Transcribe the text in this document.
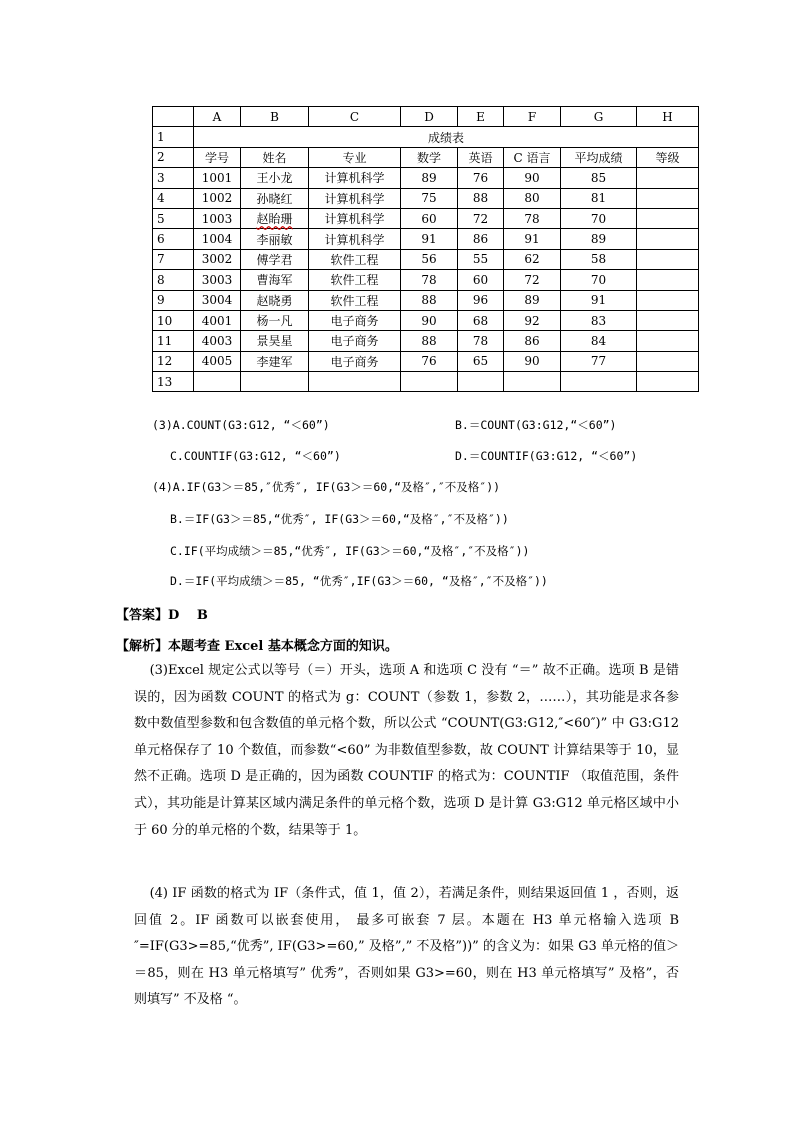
	A	B	C	D	E	F	G	H
1	成绩表							
2	学号	姓名	专业	数学	英语	C 语言	平均成绩	等级
3	1001	王小龙	计算机科学	89	76	90	85	
4	1002	孙晓红	计算机科学	75	88	80	81	
5	1003	赵眙珊	计算机科学	60	72	78	70	
6	1004	李丽敏	计算机科学	91	86	91	89	
7	3002	傅学君	软件工程	56	55	62	58	
8	3003	曹海军	软件工程	78	60	72	70	
9	3004	赵晓勇	软件工程	88	96	89	91	
10	4001	杨一凡	电子商务	90	68	92	83	
11	4003	景昊星	电子商务	88	78	86	84	
12	4005	李建军	电子商务	76	65	90	77	
13								
(3)A.COUNT(G3:G12, “＜60”)	B.＝COUNT(G3:G12,“＜60”)
C.COUNTIF(G3:G12, “＜60”)	D.＝COUNTIF(G3:G12, “＜60”)
(4)A.IF(G3＞＝85,″优秀″, IF(G3＞＝60,“及格″,″不及格″))
B.＝IF(G3＞＝85,“优秀″, IF(G3＞＝60,“及格″,″不及格″))
C.IF(平均成绩＞＝85,“优秀″, IF(G3＞＝60,“及格″,″不及格″))
D.＝IF(平均成绩＞＝85, “优秀″,IF(G3＞＝60, “及格″,″不及格″))
【答案】D　 B
【解析】本题考查 Excel 基本概念方面的知识。

(3)Excel 规定公式以等号（＝）开头，选项 A 和选项 C 没有 “＝” 故不正确。选项 B 是错误的，因为函数 COUNT 的格式为 g：COUNT（参数 1，参数 2，……），其功能是求各参数中数值型参数和包含数值的单元格个数，所以公式 “COUNT(G3:G12,″<60″)” 中 G3:G12 单元格保存了 10 个数值，而参数“<60” 为非数值型参数，故 COUNT 计算结果等于 10，显然不正确。选项 D 是正确的，因为函数 COUNTIF 的格式为：COUNTIF （取值范围，条件式），其功能是计算某区域内满足条件的单元格个数，选项 D 是计算 G3:G12 单元格区域中小于 60 分的单元格的个数，结果等于 1。

(4) IF 函数的格式为 IF（条件式，值 1，值 2），若满足条件，则结果返回值 1 ，否则，返回值 2。IF 函数可以嵌套使用， 最多可嵌套 7 层。本题在 H3 单元格输入选项 B ″=IF(G3>=85,“优秀”, IF(G3>=60,” 及格”,” 不及格”))” 的含义为：如果 G3 单元格的值＞＝85，则在 H3 单元格填写” 优秀”，否则如果 G3>=60，则在 H3 单元格填写” 及格”，否则填写” 不及格 “。
